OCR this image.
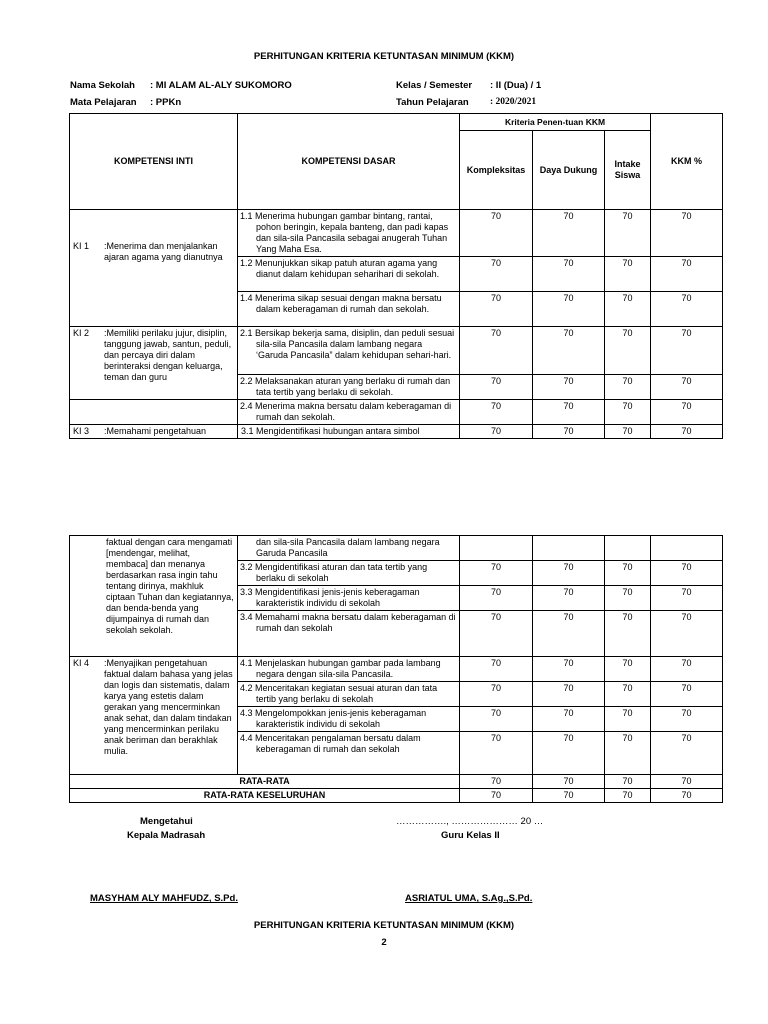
PERHITUNGAN KRITERIA KETUNTASAN MINIMUM (KKM)
Nama Sekolah : MI ALAM AL-ALY SUKOMORO
Mata Pelajaran : PPKn
Kelas / Semester : II (Dua) / 1
Tahun Pelajaran : 2020/2021
KOMPETENSI INTI	KOMPETENSI DASAR	Kriteria Penen-tuan KKM			KKM %
		Kompleksitas	Daya Dukung	Intake Siswa	

KI 1 :Menerima dan menjalankan ajaran agama yang dianutnya	1.1 Menerima hubungan gambar bintang, rantai, pohon beringin, kepala banteng, dan padi kapas dan sila-sila Pancasila sebagai anugerah Tuhan Yang Maha Esa.	70	70	70	70
	1.2 Menunjukkan sikap patuh aturan agama yang dianut dalam kehidupan seharihari di sekolah.	70	70	70	70
	1.4 Menerima sikap sesuai dengan makna bersatu dalam keberagaman di rumah dan sekolah.	70	70	70	70

KI 2 :Memiliki perilaku jujur, disiplin, tanggung jawab, santun, peduli, dan percaya diri dalam berinteraksi dengan keluarga, teman dan guru	2.1 Bersikap bekerja sama, disiplin, dan peduli sesuai sila-sila Pancasila dalam lambang negara ‘Garuda Pancasila” dalam kehidupan sehari-hari.	70	70	70	70
	2.2 Melaksanakan aturan yang berlaku di rumah dan tata tertib yang berlaku di sekolah.	70	70	70	70
	2.4 Menerima makna bersatu dalam keberagaman di rumah dan sekolah.	70	70	70	70

KI 3 :Memahami pengetahuan	3.1 Mengidentifikasi hubungan antara simbol	70	70	70	70
faktual dengan cara mengamati [mendengar, melihat, membaca] dan menanya berdasarkan rasa ingin tahu tentang dirinya, makhluk ciptaan Tuhan dan kegiatannya, dan benda-benda yang dijumpainya di rumah dan sekolah sekolah.	dan sila-sila Pancasila dalam lambang negara Garuda Pancasila				
	3.2 Mengidentifikasi aturan dan tata tertib yang berlaku di sekolah	70	70	70	70
	3.3 Mengidentifikasi jenis-jenis keberagaman karakteristik individu di sekolah	70	70	70	70
	3.4 Memahami makna bersatu dalam keberagaman di rumah dan sekolah	70	70	70	70

KI 4 :Menyajikan pengetahuan faktual dalam bahasa yang jelas dan logis dan sistematis, dalam karya yang estetis dalam gerakan yang mencerminkan anak sehat, dan dalam tindakan yang mencerminkan perilaku anak beriman dan berakhlak mulia.	4.1 Menjelaskan hubungan gambar pada lambang negara dengan sila-sila Pancasila.	70	70	70	70
	4.2 Menceritakan kegiatan sesuai aturan dan tata tertib yang berlaku di sekolah	70	70	70	70
	4.3 Mengelompokkan jenis-jenis keberagaman karakteristik individu di sekolah	70	70	70	70
	4.4 Menceritakan pengalaman bersatu dalam keberagaman di rumah dan sekolah	70	70	70	70
RATA-RATA		70	70	70	70
RATA-RATA KESELURUHAN		70	70	70	70
Mengetahui
Kepala Madrasah
……………., ………………… 20 …
Guru Kelas II
MASYHAM ALY MAHFUDZ, S.Pd.	ASRIATUL UMA, S.Ag.,S.Pd.
PERHITUNGAN KRITERIA KETUNTASAN MINIMUM (KKM)
2
